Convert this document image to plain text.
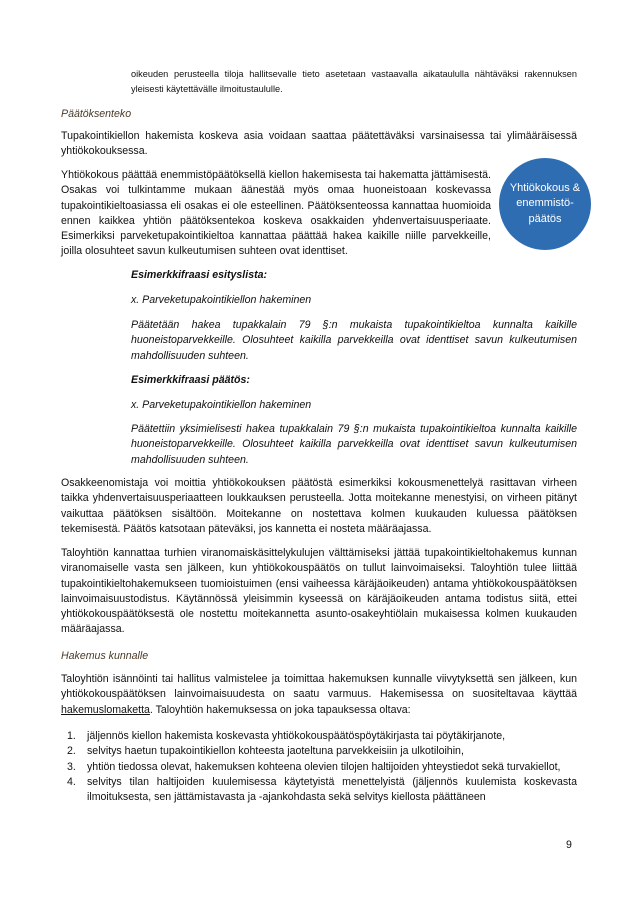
oikeuden perusteella tiloja hallitsevalle tieto asetetaan vastaavalla aikataululla nähtäväksi rakennuksen yleisesti käytettävälle ilmoitustaululle.

Päätöksenteko

Tupakointikiellon hakemista koskeva asia voidaan saattaa päätettäväksi varsinaisessa tai ylimääräisessä yhtiökokouksessa.

Yhtiökokous päättää enemmistöpäätöksellä kiellon hakemisesta tai hakematta jättämisestä. Osakas voi tulkintamme mukaan äänestää myös omaa huoneistoaan koskevassa tupakointikieltoasiassa eli osakas ei ole esteellinen. Päätöksenteossa kannattaa huomioida ennen kaikkea yhtiön päätöksentekoa koskeva osakkaiden yhdenvertaisuusperiaate. Esimerkiksi parveketupakointikieltoa kannattaa päättää hakea kaikille niille parvekkeille, joilla olosuhteet savun kulkeutumisen suhteen ovat identtiset.

Yhtiökokous & enemmistö-päätös

Esimerkkifraasi esityslista:

x. Parveketupakointikiellon hakeminen

Päätetään hakea tupakkalain 79 §:n mukaista tupakointikieltoa kunnalta kaikille huoneistoparvekkeille. Olosuhteet kaikilla parvekkeilla ovat identtiset savun kulkeutumisen mahdollisuuden suhteen.

Esimerkkifraasi päätös:

x. Parveketupakointikiellon hakeminen

Päätettiin yksimielisesti hakea tupakkalain 79 §:n mukaista tupakointikieltoa kunnalta kaikille huoneistoparvekkeille. Olosuhteet kaikilla parvekkeilla ovat identtiset savun kulkeutumisen mahdollisuuden suhteen.

Osakkeenomistaja voi moittia yhtiökokouksen päätöstä esimerkiksi kokousmenettelyä rasittavan virheen taikka yhdenvertaisuusperiaatteen loukkauksen perusteella. Jotta moitekanne menestyisi, on virheen pitänyt vaikuttaa päätöksen sisältöön. Moitekanne on nostettava kolmen kuukauden kuluessa päätöksen tekemisestä. Päätös katsotaan päteväksi, jos kannetta ei nosteta määräajassa.

Taloyhtiön kannattaa turhien viranomaiskäsittelykulujen välttämiseksi jättää tupakointikieltohakemus kunnan viranomaiselle vasta sen jälkeen, kun yhtiökokouspäätös on tullut lainvoimaiseksi. Taloyhtiön tulee liittää tupakointikieltohakemukseen tuomioistuimen (ensi vaiheessa käräjäoikeuden) antama yhtiökokouspäätöksen lainvoimaisuustodistus. Käytännössä yleisimmin kyseessä on käräjäoikeuden antama todistus siitä, ettei yhtiökokouspäätöksestä ole nostettu moitekannetta asunto-osakeyhtiölain mukaisessa kolmen kuukauden määräajassa.

Hakemus kunnalle

Taloyhtiön isännöinti tai hallitus valmistelee ja toimittaa hakemuksen kunnalle viivytyksettä sen jälkeen, kun yhtiökokouspäätöksen lainvoimaisuudesta on saatu varmuus. Hakemisessa on suositeltavaa käyttää hakemuslomaketta. Taloyhtiön hakemuksessa on joka tapauksessa oltava:

1. jäljennös kiellon hakemista koskevasta yhtiökokouspäätöspöytäkirjasta tai pöytäkirjanote,
2. selvitys haetun tupakointikiellon kohteesta jaoteltuna parvekkeisiin ja ulkotiloihin,
3. yhtiön tiedossa olevat, hakemuksen kohteena olevien tilojen haltijoiden yhteystiedot sekä turvakiellot,
4. selvitys tilan haltijoiden kuulemisessa käytetyistä menettelyistä (jäljennös kuulemista koskevasta ilmoituksesta, sen jättämistavasta ja -ajankohdasta sekä selvitys kiellosta päättäneen
9
